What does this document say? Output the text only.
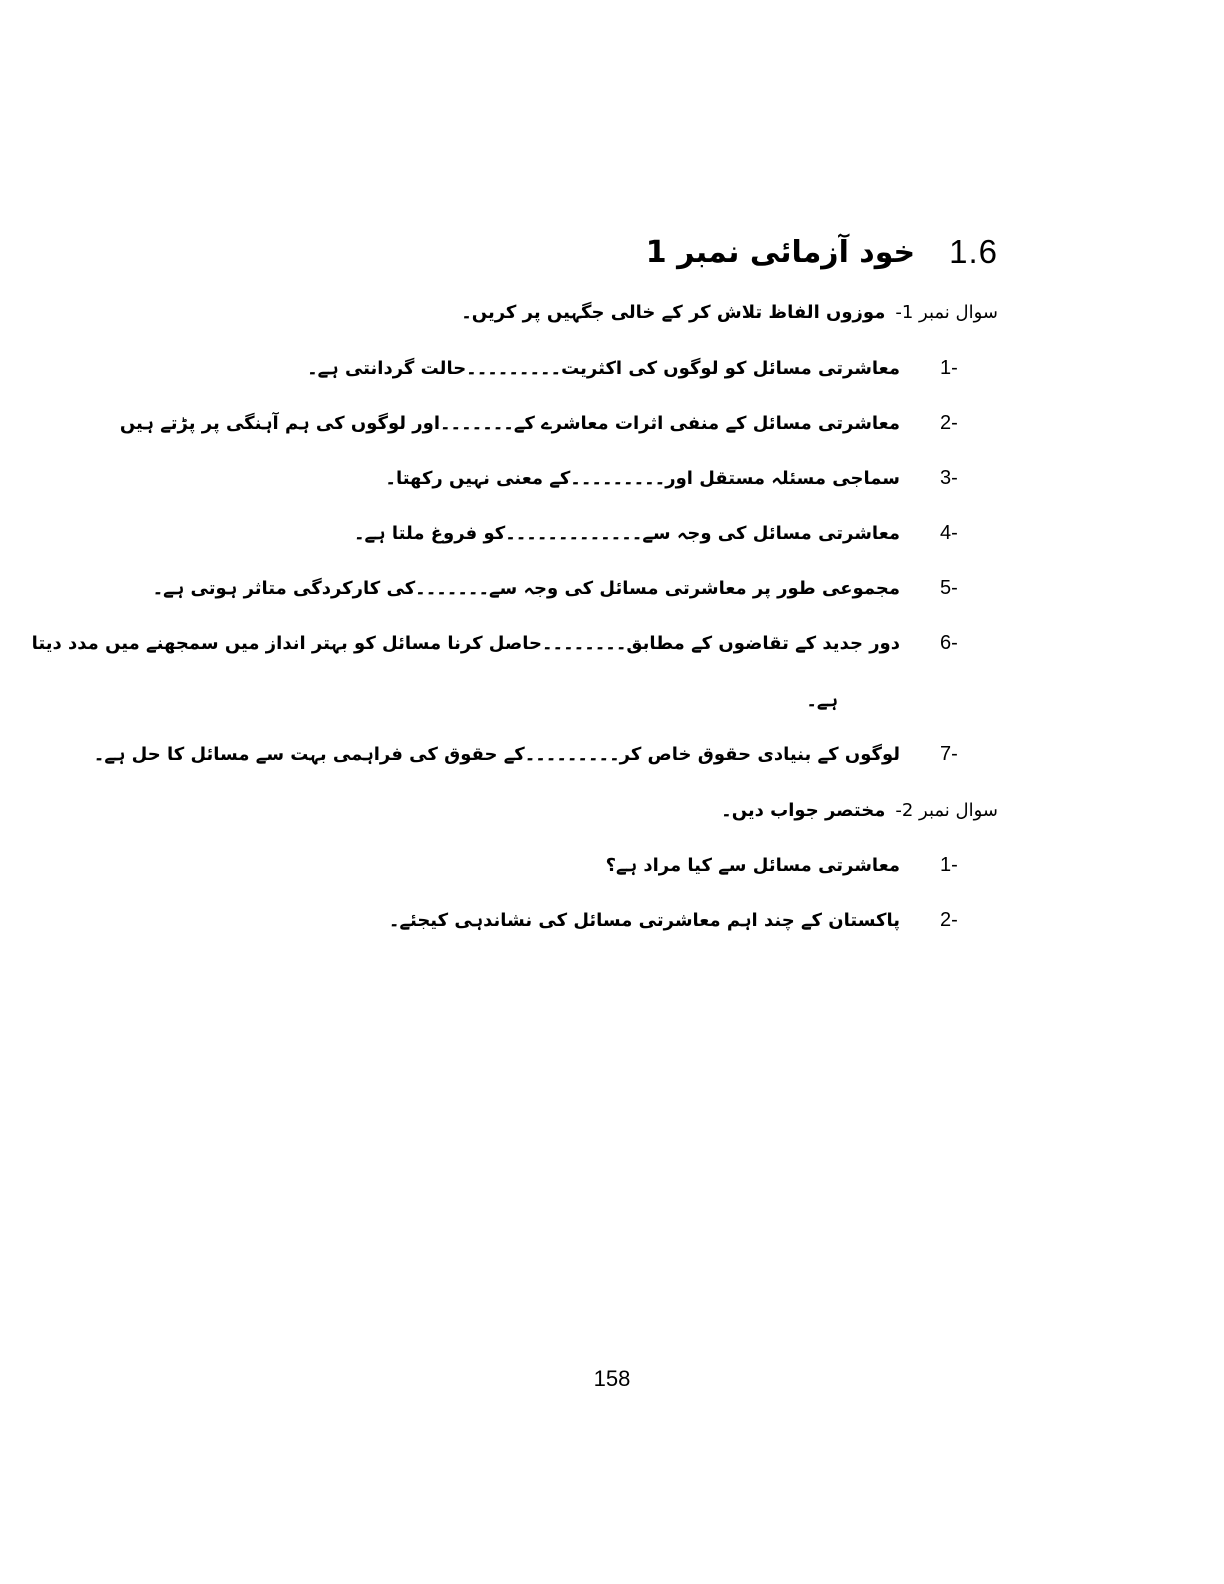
1.6
خود آزمائی نمبر 1
سوال نمبر 1-
موزوں الفاظ تلاش کر کے خالی جگہیں پر کریں۔
1-
معاشرتی مسائل کو لوگوں کی اکثریت۔۔۔۔۔۔۔۔۔حالت گردانتی ہے۔
2-
معاشرتی مسائل کے منفی اثرات معاشرے کے۔۔۔۔۔۔۔اور لوگوں کی ہم آہنگی پر پڑتے ہیں
3-
سماجی مسئلہ مستقل اور۔۔۔۔۔۔۔۔۔کے معنی نہیں رکھتا۔
4-
معاشرتی مسائل کی وجہ سے۔۔۔۔۔۔۔۔۔۔۔۔۔کو فروغ ملتا ہے۔
5-
مجموعی طور پر معاشرتی مسائل کی وجہ سے۔۔۔۔۔۔۔کی کارکردگی متاثر ہوتی ہے۔
6-
دور جدید کے تقاضوں کے مطابق۔۔۔۔۔۔۔۔حاصل کرنا مسائل کو بہتر انداز میں سمجھنے میں مدد دیتا
ہے۔
7-
لوگوں کے بنیادی حقوق خاص کر۔۔۔۔۔۔۔۔۔کے حقوق کی فراہمی بہت سے مسائل کا حل ہے۔
سوال نمبر 2-
مختصر جواب دیں۔
1-
معاشرتی مسائل سے کیا مراد ہے؟
2-
پاکستان کے چند اہم معاشرتی مسائل کی نشاندہی کیجئے۔
158
